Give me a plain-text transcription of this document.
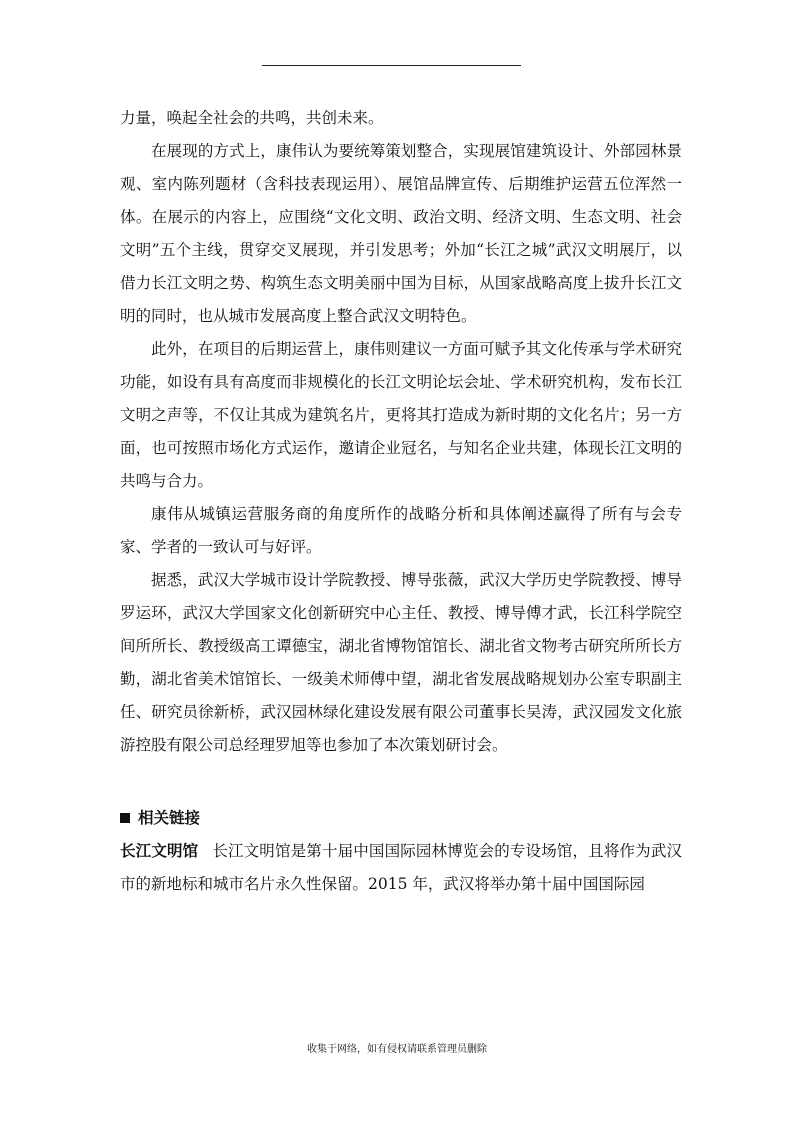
力量，唤起全社会的共鸣，共创未来。

在展现的方式上，康伟认为要统筹策划整合，实现展馆建筑设计、外部园林景观、室内陈列题材（含科技表现运用）、展馆品牌宣传、后期维护运营五位浑然一体。在展示的内容上，应围绕“文化文明、政治文明、经济文明、生态文明、社会文明”五个主线，贯穿交叉展现，并引发思考；外加“长江之城”武汉文明展厅，以借力长江文明之势、构筑生态文明美丽中国为目标，从国家战略高度上拔升长江文明的同时，也从城市发展高度上整合武汉文明特色。

此外，在项目的后期运营上，康伟则建议一方面可赋予其文化传承与学术研究功能，如设有具有高度而非规模化的长江文明论坛会址、学术研究机构，发布长江文明之声等，不仅让其成为建筑名片，更将其打造成为新时期的文化名片；另一方面，也可按照市场化方式运作，邀请企业冠名，与知名企业共建，体现长江文明的共鸣与合力。

康伟从城镇运营服务商的角度所作的战略分析和具体阐述赢得了所有与会专家、学者的一致认可与好评。

据悉，武汉大学城市设计学院教授、博导张薇，武汉大学历史学院教授、博导罗运环，武汉大学国家文化创新研究中心主任、教授、博导傅才武，长江科学院空间所所长、教授级高工谭德宝，湖北省博物馆馆长、湖北省文物考古研究所所长方勤，湖北省美术馆馆长、一级美术师傅中望，湖北省发展战略规划办公室专职副主任、研究员徐新桥，武汉园林绿化建设发展有限公司董事长吴涛，武汉园发文化旅游控股有限公司总经理罗旭等也参加了本次策划研讨会。

相关链接

长江文明馆 长江文明馆是第十届中国国际园林博览会的专设场馆，且将作为武汉市的新地标和城市名片永久性保留。2015 年，武汉将举办第十届中国国际园

收集于网络，如有侵权请联系管理员删除
